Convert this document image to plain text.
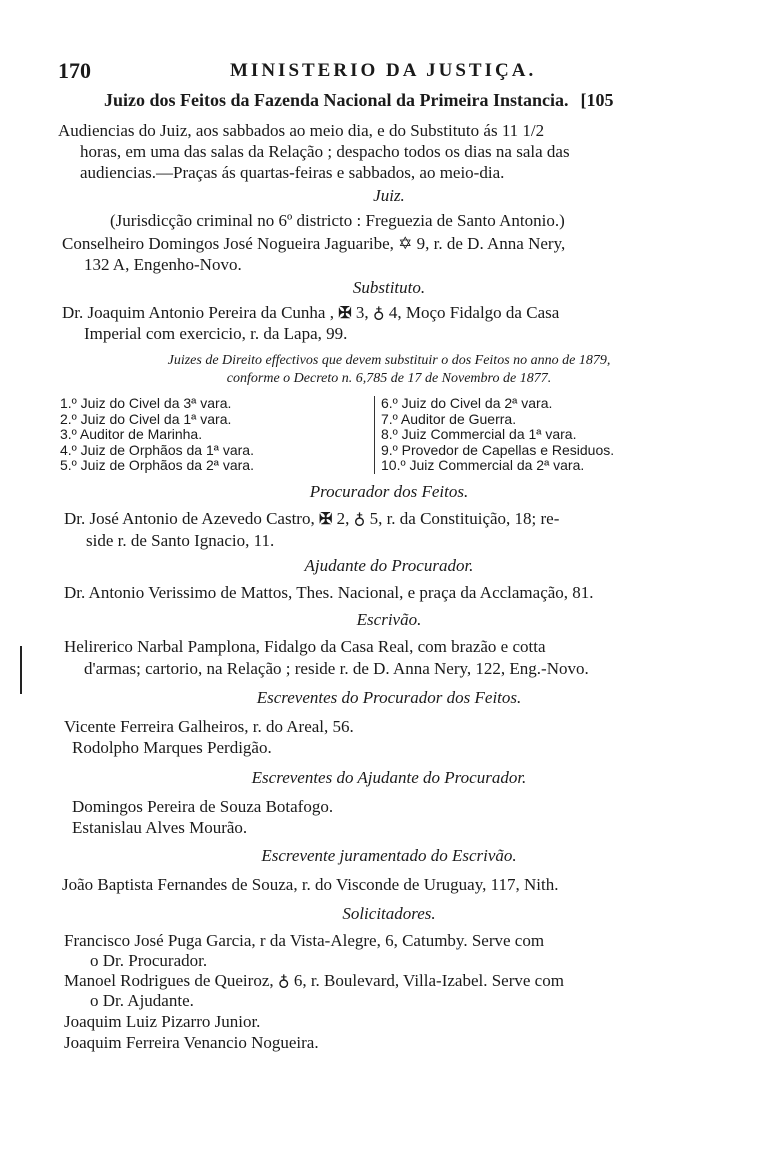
170	MINISTERIO DA JUSTIÇA.
Juizo dos Feitos da Fazenda Nacional da Primeira Instancia. [105
Audiencias do Juiz, aos sabbados ao meio dia, e do Substituto ás 11 1/2
horas, em uma das salas da Relação ; despacho todos os dias na sala das
audiencias.—Praças ás quartas-feiras e sabbados, ao meio-dia.
Juiz.
(Jurisdicção criminal no 6º districto : Freguezia de Santo Antonio.)
Conselheiro Domingos José Nogueira Jaguaribe, ✡ 9, r. de D. Anna Nery,
132 A, Engenho-Novo.
Substituto.
Dr. Joaquim Antonio Pereira da Cunha , ✠ 3, ♁ 4, Moço Fidalgo da Casa
Imperial com exercicio, r. da Lapa, 99.
Juizes de Direito effectivos que devem substituir o dos Feitos no anno de 1879,
conforme o Decreto n. 6,785 de 17 de Novembro de 1877.
1.º Juiz do Civel da 3ª vara.
2.º Juiz do Civel da 1ª vara.
3.º Auditor de Marinha.
4.º Juiz de Orphãos da 1ª vara.
5.º Juiz de Orphãos da 2ª vara.
6.º Juiz do Civel da 2ª vara.
7.º Auditor de Guerra.
8.º Juiz Commercial da 1ª vara.
9.º Provedor de Capellas e Residuos.
10.º Juiz Commercial da 2ª vara.
Procurador dos Feitos.
Dr. José Antonio de Azevedo Castro, ✠ 2, ♁ 5, r. da Constituição, 18; re-
side r. de Santo Ignacio, 11.
Ajudante do Procurador.
Dr. Antonio Verissimo de Mattos, Thes. Nacional, e praça da Acclamação, 81.
Escrivão.
Helirerico Narbal Pamplona, Fidalgo da Casa Real, com brazão e cotta
d'armas; cartorio, na Relação ; reside r. de D. Anna Nery, 122, Eng.-Novo.
Escreventes do Procurador dos Feitos.
Vicente Ferreira Galheiros, r. do Areal, 56.
Rodolpho Marques Perdigão.
Escreventes do Ajudante do Procurador.
Domingos Pereira de Souza Botafogo.
Estanislau Alves Mourão.
Escrevente juramentado do Escrivão.
João Baptista Fernandes de Souza, r. do Visconde de Uruguay, 117, Nith.
Solicitadores.
Francisco José Puga Garcia, r da Vista-Alegre, 6, Catumby. Serve com
o Dr. Procurador.
Manoel Rodrigues de Queiroz, ♁ 6, r. Boulevard, Villa-Izabel. Serve com
o Dr. Ajudante.
Joaquim Luiz Pizarro Junior.
Joaquim Ferreira Venancio Nogueira.
